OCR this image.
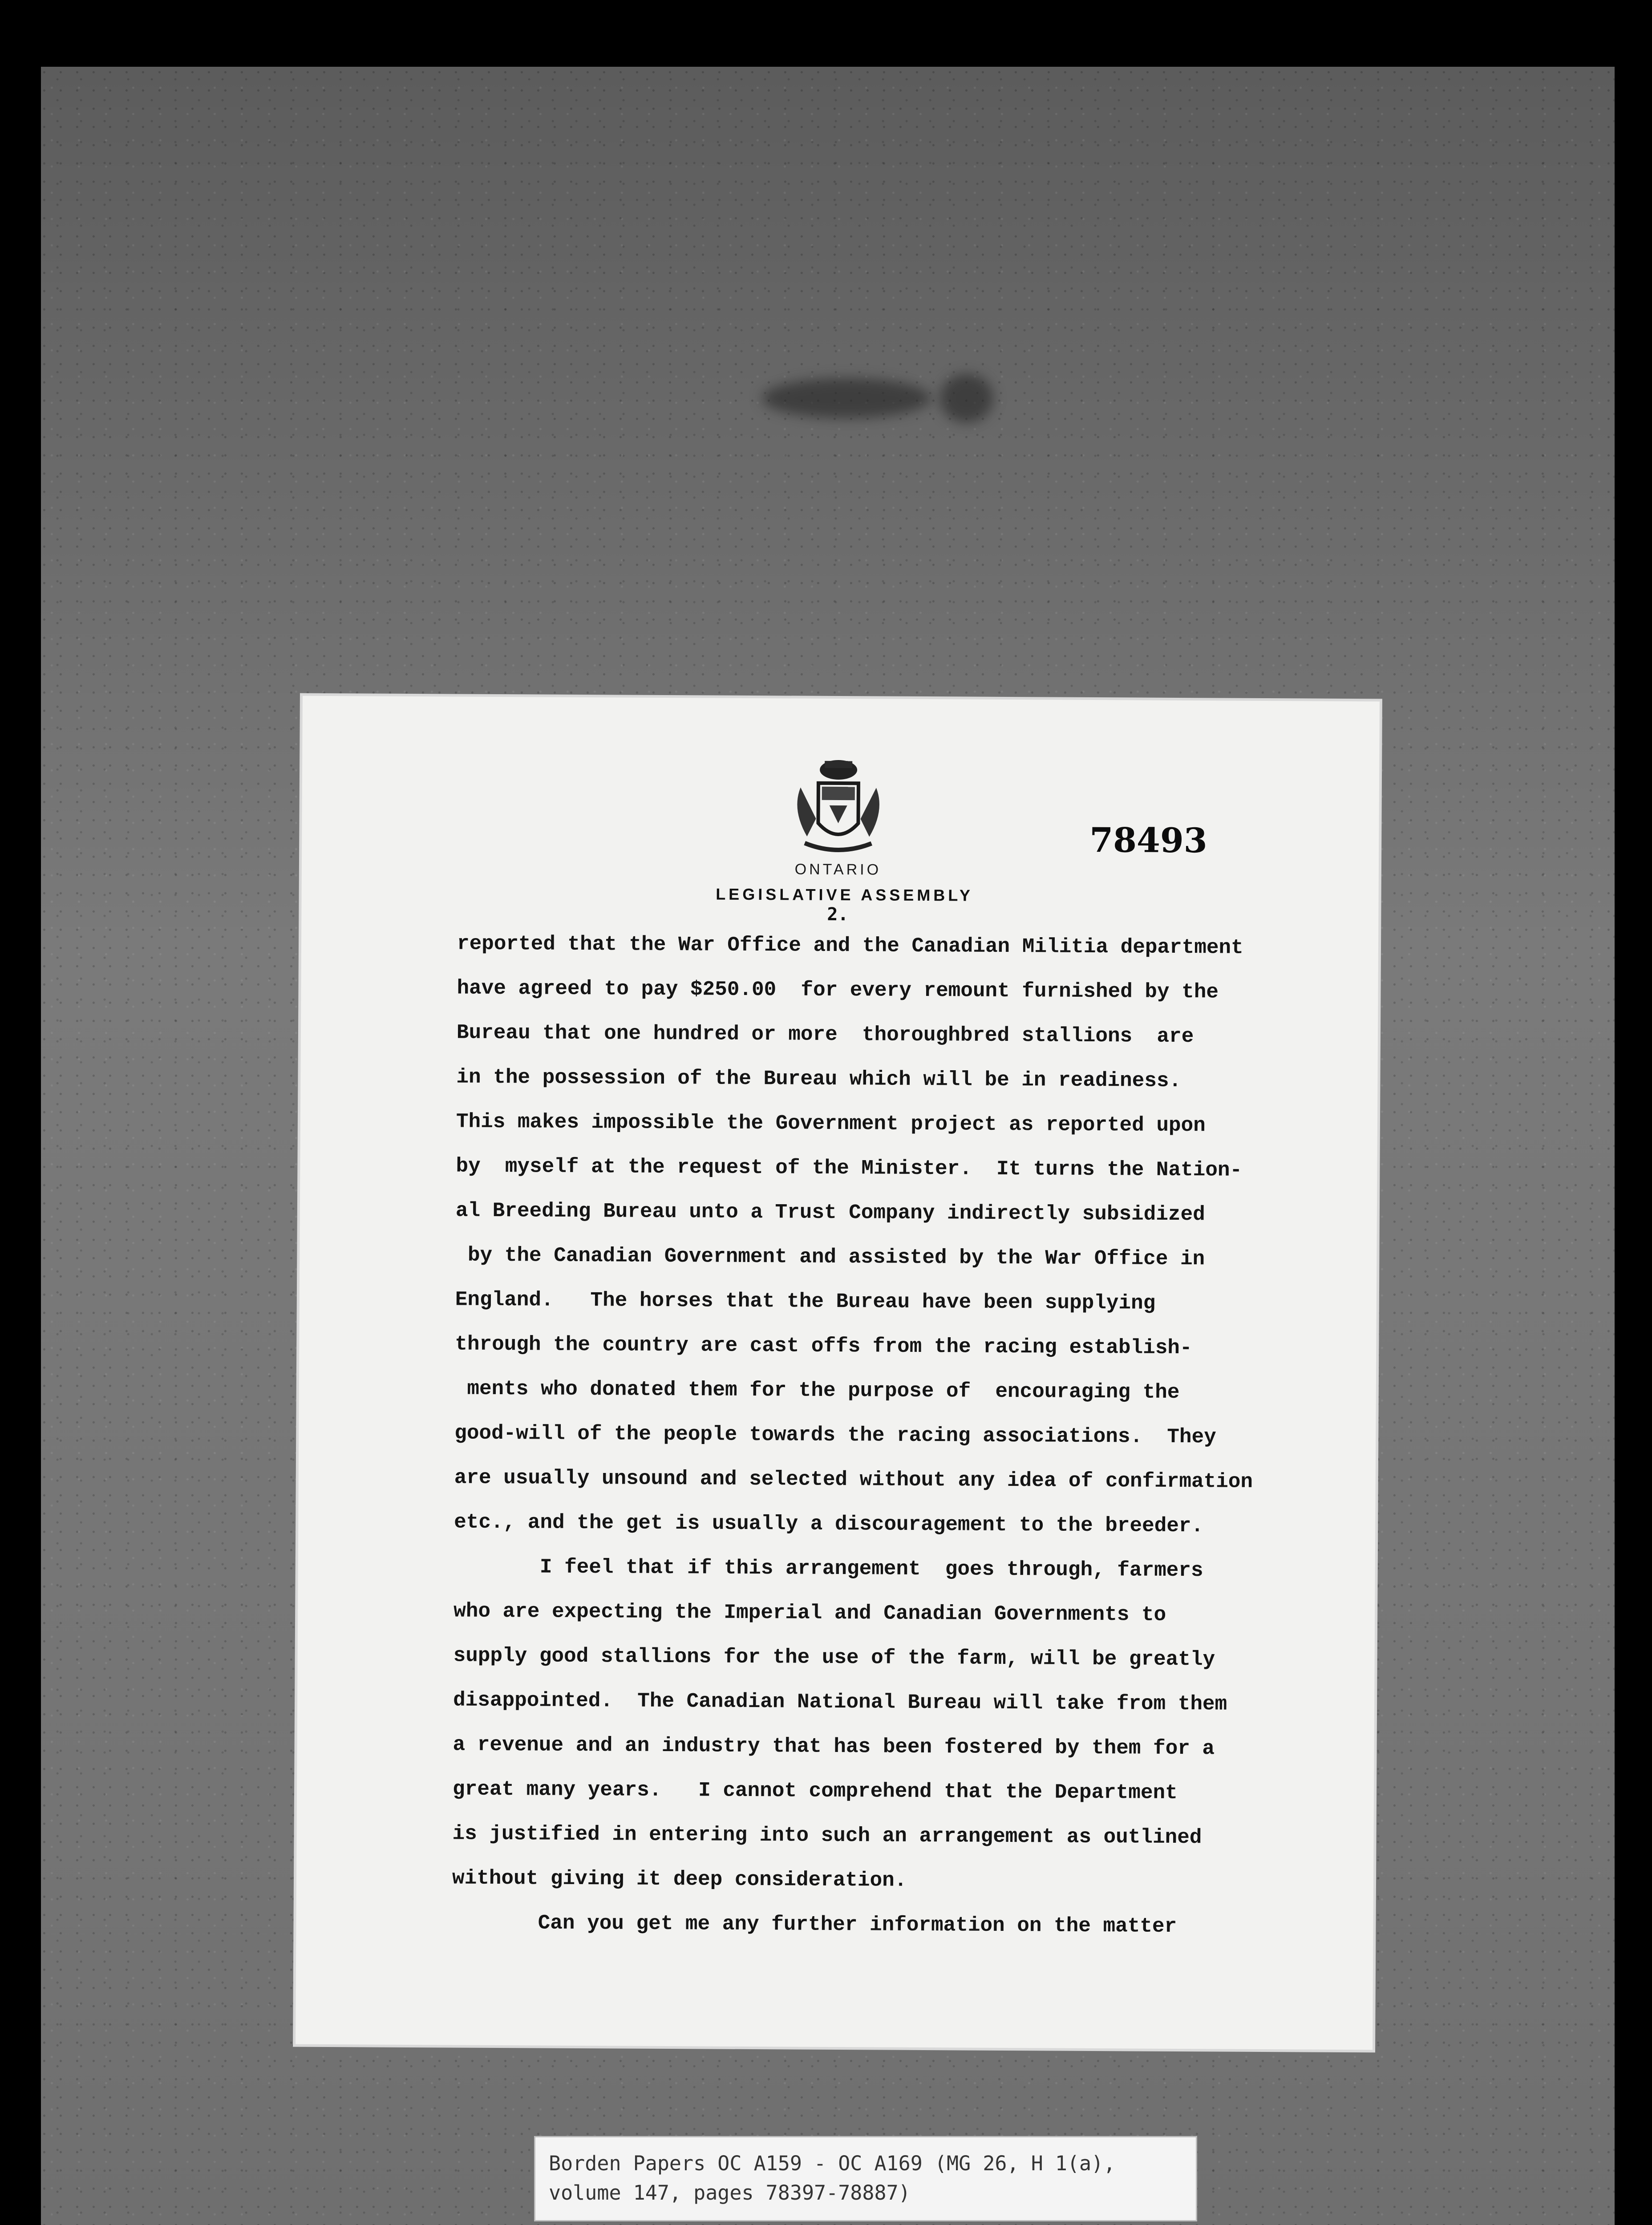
ONTARIO
LEGISLATIVE ASSEMBLY
2.
78493
reported that the War Office and the Canadian Militia department
have agreed to pay $250.00  for every remount furnished by the
Bureau that one hundred or more  thoroughbred stallions  are
in the possession of the Bureau which will be in readiness.
This makes impossible the Government project as reported upon
by  myself at the request of the Minister.  It turns the Nation-
al Breeding Bureau unto a Trust Company indirectly subsidized
by the Canadian Government and assisted by the War Office in
England.   The horses that the Bureau have been supplying
through the country are cast offs from the racing establish-
ments who donated them for the purpose of  encouraging the
good-will of the people towards the racing associations.  They
are usually unsound and selected without any idea of confirmation
etc., and the get is usually a discouragement to the breeder.
I feel that if this arrangement  goes through, farmers
who are expecting the Imperial and Canadian Governments to
supply good stallions for the use of the farm, will be greatly
disappointed.  The Canadian National Bureau will take from them
a revenue and an industry that has been fostered by them for a
great many years.   I cannot comprehend that the Department
is justified in entering into such an arrangement as outlined
without giving it deep consideration.
Can you get me any further information on the matter
Borden Papers OC A159 - OC A169 (MG 26, H 1(a),
volume 147, pages 78397-78887)
